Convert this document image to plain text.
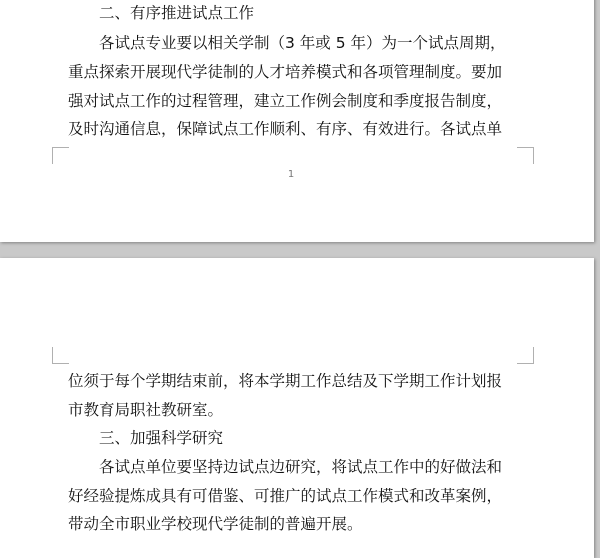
二、有序推进试点工作
各试点专业要以相关学制（3 年或 5 年）为一个试点周期，
重点探索开展现代学徒制的人才培养模式和各项管理制度。要加
强对试点工作的过程管理，建立工作例会制度和季度报告制度，
及时沟通信息，保障试点工作顺利、有序、有效进行。各试点单
1
位须于每个学期结束前，将本学期工作总结及下学期工作计划报
市教育局职社教研室。
三、加强科学研究
各试点单位要坚持边试点边研究，将试点工作中的好做法和
好经验提炼成具有可借鉴、可推广的试点工作模式和改革案例，
带动全市职业学校现代学徒制的普遍开展。
